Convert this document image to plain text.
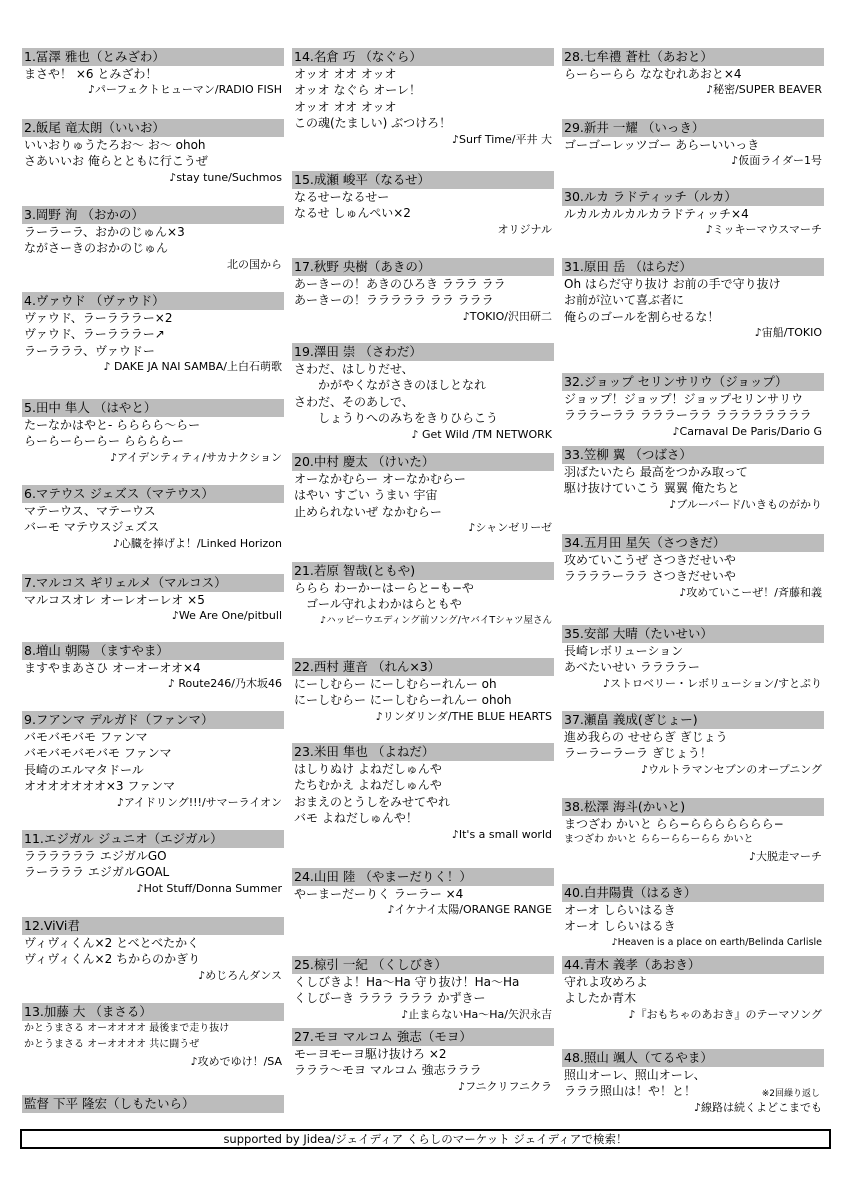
1.冨澤 雅也（とみざわ）
まさや！ ×6 とみざわ！
♪パーフェクトヒューマン/RADIO FISH
2.飯尾 竜太朗（いいお）
いいおりゅうたろお〜 お〜 ohoh
さあいいお 俺らとともに行こうぜ
♪stay tune/Suchmos
3.岡野 洵 （おかの）
ラーラーラ、おかのじゅん×3
ながさーきのおかのじゅん
北の国から
4.ヴァウド （ヴァウド）
ヴァウド、ラーラララー×2
ヴァウド、ラーラララー↗
ラーラララ、ヴァウドー
♪ DAKE JA NAI SAMBA/上白石萌歌
5.田中 隼人 （はやと）
たーなかはやと- らららら〜らー
らーらーらーらー ららららー
♪アイデンティティ/サカナクション
6.マテウス ジェズス（マテウス）
マテーウス、マテーウス
バーモ マテウスジェズス
♪心臓を捧げよ！/Linked Horizon
7.マルコス ギリェルメ（マルコス）
マルコスオレ オーレオーレオ ×5
♪We Are One/pitbull
8.増山 朝陽 （ますやま）
ますやまあさひ オーオーオオ×4
♪ Route246/乃木坂46
9.フアンマ デルガド（ファンマ）
バモバモバモ ファンマ
バモバモバモバモ ファンマ
長崎のエルマタドール
オオオオオオオ×3 ファンマ
♪アイドリング!!!/サマーライオン
11.エジガル ジュニオ（エジガル）
ララララララ エジガルGO
ラーラララ エジガルGOAL
♪Hot Stuff/Donna Summer
12.ViVi君
ヴィヴィくん×2 とべとべたかく
ヴィヴィくん×2 ちからのかぎり
♪めじろんダンス
13.加藤 大 （まさる）
かとうまさる オーオオオオ 最後まで走り抜け
かとうまさる オーオオオオ 共に闘うぜ
♪攻めでゆけ！/SA
監督 下平 隆宏（しもたいら）
14.名倉 巧 （なぐら）
オッオ オオ オッオ
オッオ なぐら オーレ！
オッオ オオ オッオ
この魂(たましい) ぶつけろ！
♪Surf Time/平井 大
15.成瀬 峻平（なるせ）
なるせーなるせー
なるせ しゅんぺい×2
オリジナル
17.秋野 央樹（あきの）
あーきーの！あきのひろき ラララ ララ
あーきーの！ラララララ ララ ラララ
♪TOKIO/沢田研二
19.澤田 崇 （さわだ）
さわだ、はしりだせ、
　　かがやくながさきのほしとなれ
さわだ、そのあしで、
　　しょうりへのみちをきりひらこう
♪ Get Wild /TM NETWORK
20.中村 慶太 （けいた）
オーなかむらー オーなかむらー
はやい すごい うまい 宇宙
止められないぜ なかむらー
♪シャンゼリーゼ
21.若原 智哉(ともや)
ららら わーかーはーらと−も−や
　ゴール守れよわかはらともや
♪ハッピーウエディング前ソング/ヤバイTシャツ屋さん
22.西村 蓮音 （れん×3）
にーしむらー にーしむらーれんー oh
にーしむらー にーしむらーれんー ohoh
♪リンダリンダ/THE BLUE HEARTS
23.米田 隼也 （よねだ）
はしりぬけ よねだしゅんや
たちむかえ よねだしゅんや
おまえのとうしをみせてやれ
バモ よねだしゅんや！
♪It's a small world
24.山田 陸 （やまーだりく！）
やーまーだーりく ラーラー ×4
♪イケナイ太陽/ORANGE RANGE
25.椋引 一紀 （くしびき）
くしびきよ！Ha〜Ha 守り抜け！Ha〜Ha
くしびーき ラララ ラララ かずきー
♪止まらないHa〜Ha/矢沢永吉
27.モヨ マルコム 強志（モヨ）
モーヨモーヨ駆け抜けろ ×2
ラララ〜モヨ マルコム 強志ラララ
♪フニクリフニクラ
28.七牟禮 蒼杜（あおと）
らーらーらら ななむれあおと×4
♪秘密/SUPER BEAVER
29.新井 一耀 （いっき）
ゴーゴーレッツゴー あらーいいっき
♪仮面ライダー1号
30.ルカ ラドティッチ（ルカ）
ルカルカルカルカラドティッチ×4
♪ミッキーマウスマーチ
31.原田 岳 （はらだ）
Oh はらだ守り抜け お前の手で守り抜け
お前が泣いて喜ぶ者に
俺らのゴールを割らせるな！
♪宙船/TOKIO
32.ジョップ セリンサリウ（ジョップ）
ジョップ！ジョップ！ジョップセリンサリウ
ラララーララ ラララーララ ララララララララ
♪Carnaval De Paris/Dario G
33.笠柳 翼 （つばさ）
羽ばたいたら 最高をつかみ取って
駆け抜けていこう 翼翼 俺たちと
♪ブルーバード/いきものがかり
34.五月田 星矢（さつきだ）
攻めていこうぜ さつきだせいや
ララララーララ さつきだせいや
♪攻めていこーぜ！/斉藤和義
35.安部 大晴（たいせい）
長崎レボリューション
あべたいせい ララララー
♪ストロベリー・レボリューション/すとぷり
37.瀬畠 義成(ぎじょー)
進め我らの せせらぎ ぎじょう
ラーラーラーラ ぎじょう！
♪ウルトラマンセブンのオープニング
38.松澤 海斗(かいと)
まつざわ かいと らら−ららららららら−
まつざわ かいと ららーららーらら かいと
♪大脱走マーチ
40.白井陽貴（はるき）
オーオ しらいはるき
オーオ しらいはるき
♪Heaven is a place on earth/Belinda Carlisle
44.青木 義孝（あおき）
守れよ攻めろよ
よしたか青木
♪『おもちゃのあおき』のテーマソング
48.照山 颯人（てるやま）
照山オーレ、照山オーレ、
ラララ照山は！や！と！	※2回繰り返し
♪線路は続くよどこまでも
supported by Jidea/ジェイディア くらしのマーケット ジェイディアで検索！
